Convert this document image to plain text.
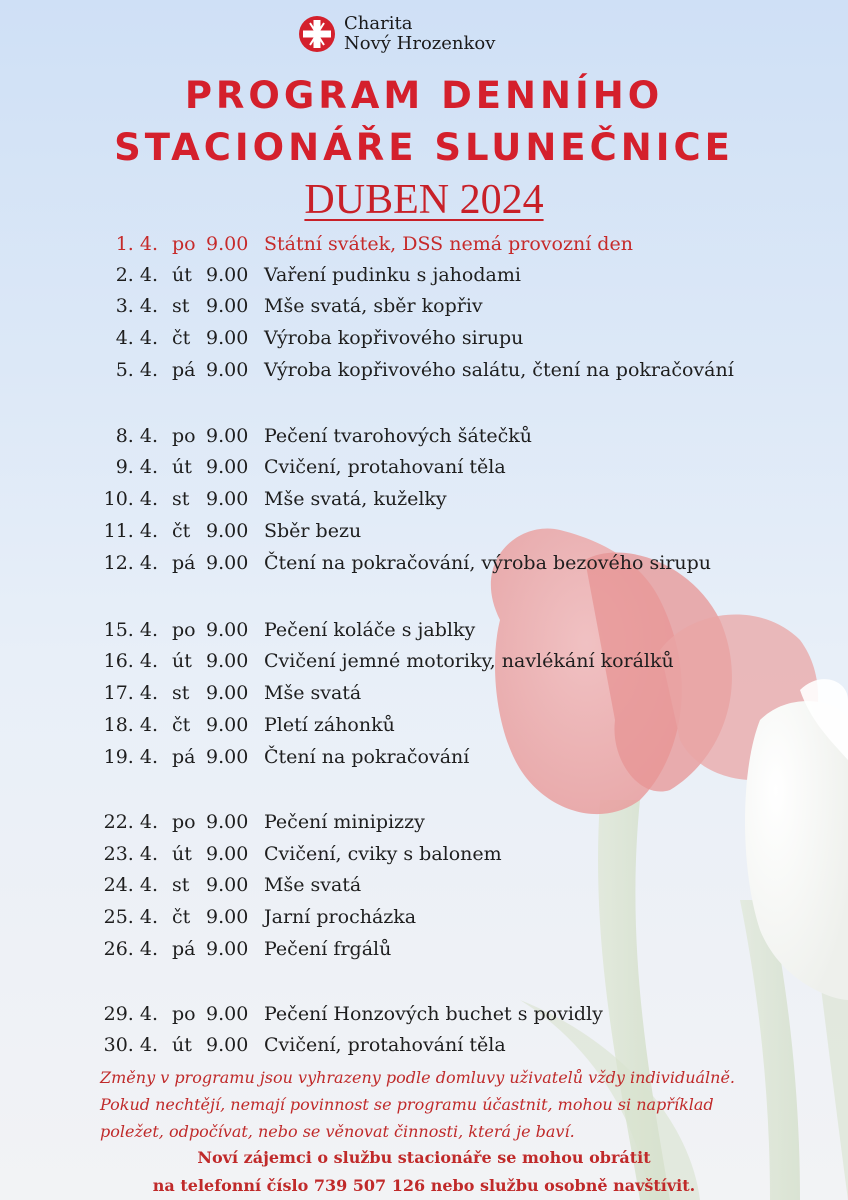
Charita
Nový Hrozenkov
PROGRAM DENNÍHO
STACIONÁŘE SLUNEČNICE
DUBEN 2024
1. 4. po 9.00 Státní svátek, DSS nemá provozní den
2. 4. út 9.00 Vaření pudinku s jahodami
3. 4. st 9.00 Mše svatá, sběr kopřiv
4. 4. čt 9.00 Výroba kopřivového sirupu
5. 4. pá 9.00 Výroba kopřivového salátu, čtení na pokračování
8. 4. po 9.00 Pečení tvarohových šátečků
9. 4. út 9.00 Cvičení, protahovaní těla
10. 4. st 9.00 Mše svatá, kuželky
11. 4. čt 9.00 Sběr bezu
12. 4. pá 9.00 Čtení na pokračování, výroba bezového sirupu
15. 4. po 9.00 Pečení koláče s jablky
16. 4. út 9.00 Cvičení jemné motoriky, navlékání korálků
17. 4. st 9.00 Mše svatá
18. 4. čt 9.00 Pletí záhonků
19. 4. pá 9.00 Čtení na pokračování
22. 4. po 9.00 Pečení minipizzy
23. 4. út 9.00 Cvičení, cviky s balonem
24. 4. st 9.00 Mše svatá
25. 4. čt 9.00 Jarní procházka
26. 4. pá 9.00 Pečení frgálů
29. 4. po 9.00 Pečení Honzových buchet s povidly
30. 4. út 9.00 Cvičení, protahování těla
Změny v programu jsou vyhrazeny podle domluvy uživatelů vždy individuálně.
Pokud nechtějí, nemají povinnost se programu účastnit, mohou si například
poležet, odpočívat, nebo se věnovat činnosti, která je baví.
Noví zájemci o službu stacionáře se mohou obrátit
na telefonní číslo 739 507 126 nebo službu osobně navštívit.
